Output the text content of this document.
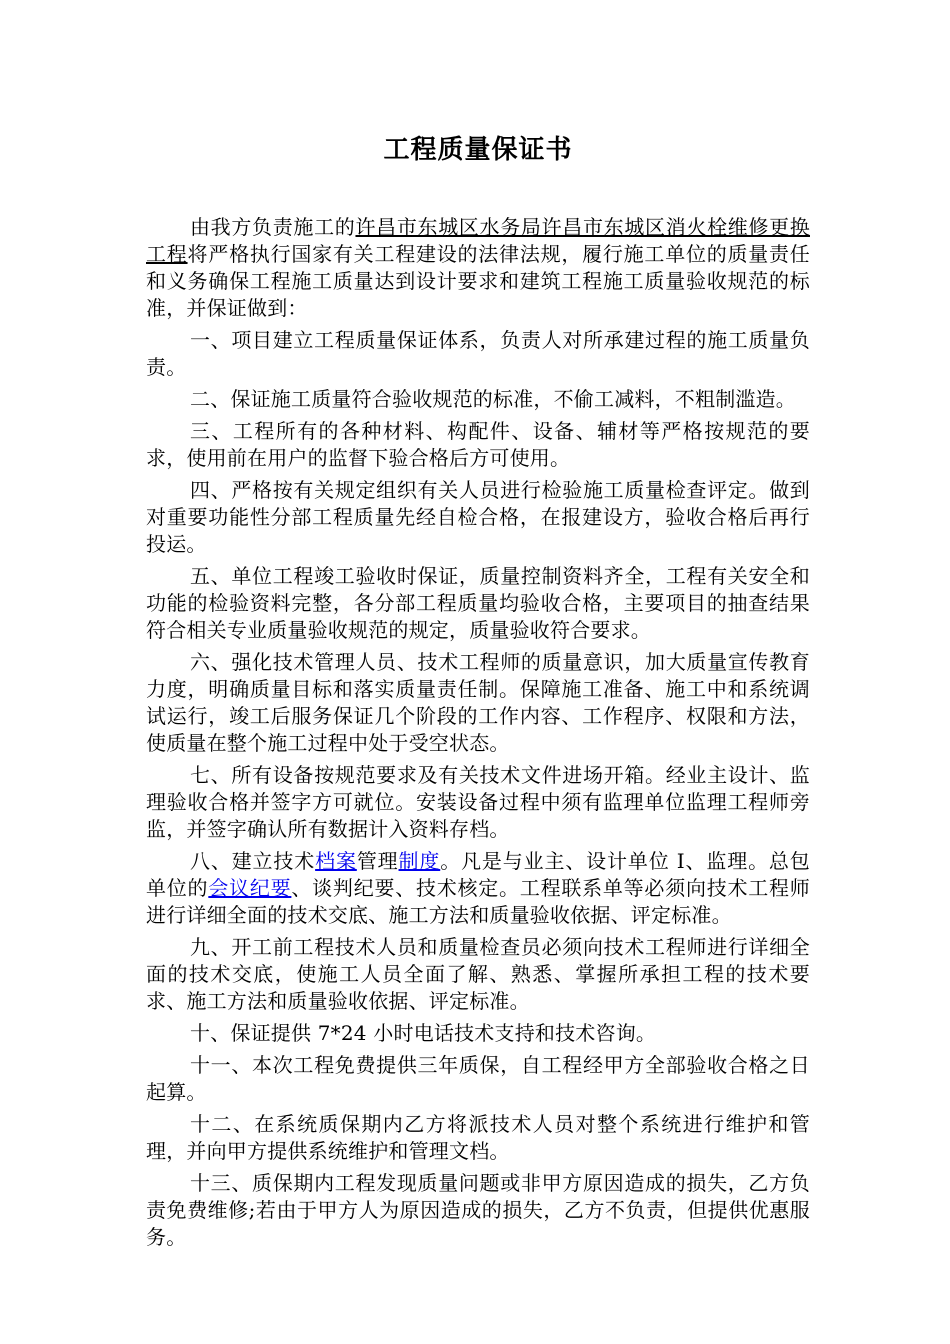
工程质量保证书

由我方负责施工的许昌市东城区水务局许昌市东城区消火栓维修更换工程将严格执行国家有关工程建设的法律法规，履行施工单位的质量责任和义务确保工程施工质量达到设计要求和建筑工程施工质量验收规范的标准，并保证做到：

一、项目建立工程质量保证体系，负责人对所承建过程的施工质量负责。

二、保证施工质量符合验收规范的标准，不偷工减料，不粗制滥造。

三、工程所有的各种材料、构配件、设备、辅材等严格按规范的要求，使用前在用户的监督下验合格后方可使用。

四、严格按有关规定组织有关人员进行检验施工质量检查评定。做到对重要功能性分部工程质量先经自检合格，在报建设方，验收合格后再行投运。

五、单位工程竣工验收时保证，质量控制资料齐全，工程有关安全和功能的检验资料完整，各分部工程质量均验收合格，主要项目的抽查结果符合相关专业质量验收规范的规定，质量验收符合要求。

六、强化技术管理人员、技术工程师的质量意识，加大质量宣传教育力度，明确质量目标和落实质量责任制。保障施工准备、施工中和系统调试运行，竣工后服务保证几个阶段的工作内容、工作程序、权限和方法，使质量在整个施工过程中处于受空状态。

七、所有设备按规范要求及有关技术文件进场开箱。经业主设计、监理验收合格并签字方可就位。安装设备过程中须有监理单位监理工程师旁监，并签字确认所有数据计入资料存档。

八、建立技术档案管理制度。凡是与业主、设计单位 I、监理。总包单位的会议纪要、谈判纪要、技术核定。工程联系单等必须向技术工程师进行详细全面的技术交底、施工方法和质量验收依据、评定标准。

九、开工前工程技术人员和质量检查员必须向技术工程师进行详细全面的技术交底，使施工人员全面了解、熟悉、掌握所承担工程的技术要求、施工方法和质量验收依据、评定标准。

十、保证提供 7*24 小时电话技术支持和技术咨询。

十一、本次工程免费提供三年质保，自工程经甲方全部验收合格之日起算。

十二、在系统质保期内乙方将派技术人员对整个系统进行维护和管理，并向甲方提供系统维护和管理文档。

十三、质保期内工程发现质量问题或非甲方原因造成的损失，乙方负责免费维修;若由于甲方人为原因造成的损失，乙方不负责，但提供优惠服务。
